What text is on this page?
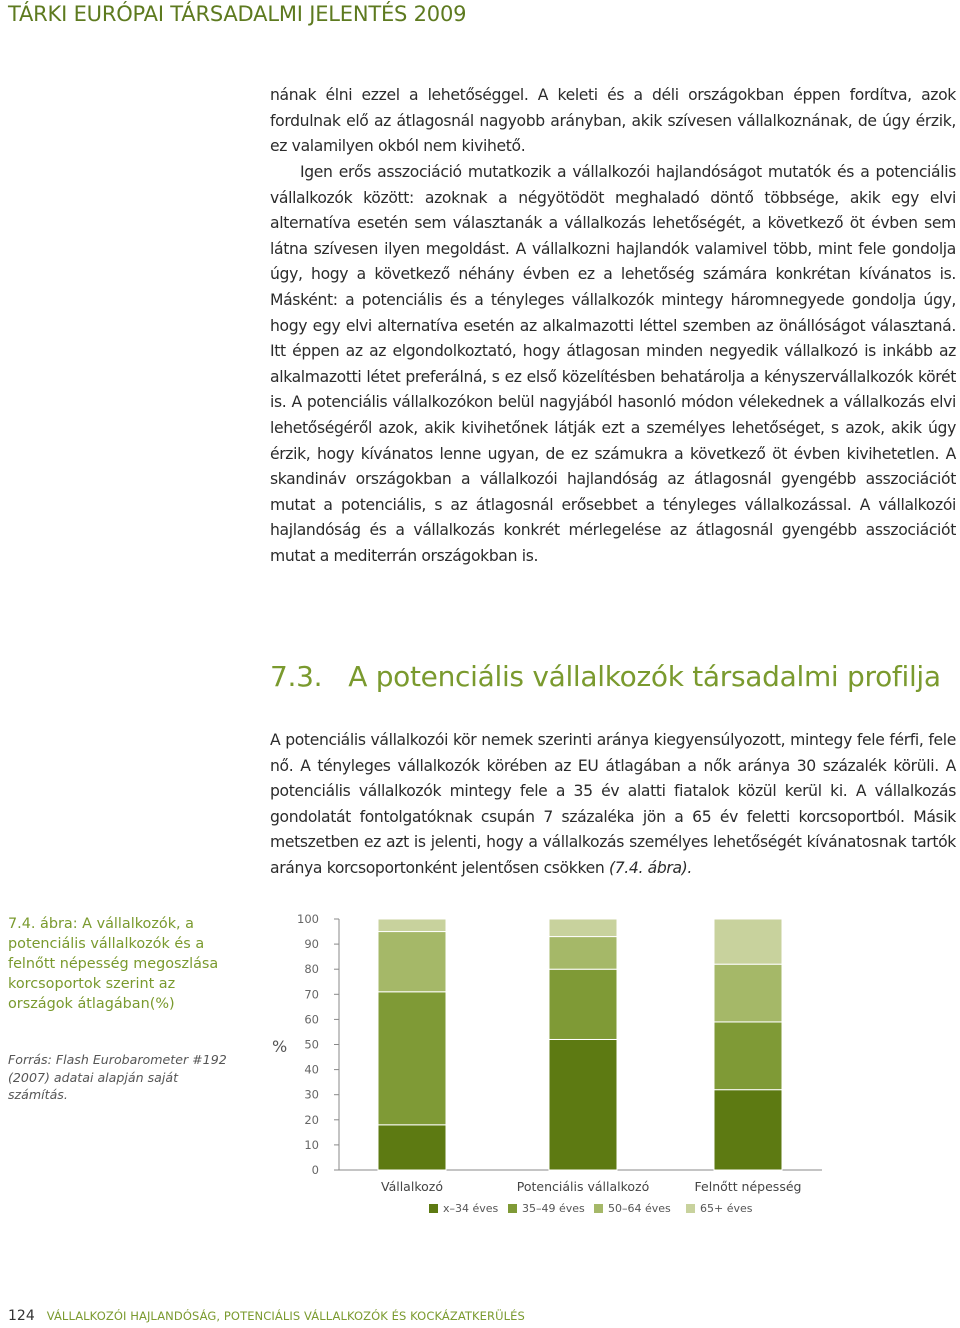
TÁRKI EURÓPAI TÁRSADALMI JELENTÉS 2009
nának élni ezzel a lehetőséggel. A keleti és a déli országokban éppen fordítva, azok fordulnak elő az átlagosnál nagyobb arányban, akik szívesen vállalkoznának, de úgy érzik, ez valamilyen okból nem kivihető.
Igen erős asszociáció mutatkozik a vállalkozói hajlandóságot mutatók és a potenciális vállalkozók között: azoknak a négyötödöt meghaladó döntő többsége, akik egy elvi alternatíva esetén sem választanák a vállalkozás lehetőségét, a következő öt évben sem látna szívesen ilyen megoldást. A vállalkozni hajlandók valamivel több, mint fele gondolja úgy, hogy a következő néhány évben ez a lehetőség számára konkrétan kívánatos is. Másként: a potenciális és a tényleges vállalkozók mintegy háromnegyede gondolja úgy, hogy egy elvi alternatíva esetén az alkalmazotti léttel szemben az önállóságot választaná. Itt éppen az az elgondolkoztató, hogy átlagosan minden negyedik vállalkozó is inkább az alkalmazotti létet preferálná, s ez első közelítésben behatárolja a kényszervállalkozók körét is. A potenciális vállalkozókon belül nagyjából hasonló módon vélekednek a vállalkozás elvi lehetőségéről azok, akik kivihetőnek látják ezt a személyes lehetőséget, s azok, akik úgy érzik, hogy kívánatos lenne ugyan, de ez számukra a következő öt évben kivihetetlen. A skandináv országokban a vállalkozói hajlandóság az átlagosnál gyengébb asszociációt mutat a potenciális, s az átlagosnál erősebbet a tényleges vállalkozással. A vállalkozói hajlandóság és a vállalkozás konkrét mérlegelése az átlagosnál gyengébb asszociációt mutat a mediterrán országokban is.
7.3. A potenciális vállalkozók társadalmi profilja
A potenciális vállalkozói kör nemek szerinti aránya kiegyensúlyozott, mintegy fele férfi, fele nő. A tényleges vállalkozók körében az EU átlagában a nők aránya 30 százalék körüli. A potenciális vállalkozók mintegy fele a 35 év alatti fiatalok közül kerül ki. A vállalkozás gondolatát fontolgatóknak csupán 7 százaléka jön a 65 év feletti korcsoportból. Másik metszetben ez azt is jelenti, hogy a vállalkozás személyes lehetőségét kívánatosnak tartók aránya korcsoportonként jelentősen csökken (7.4. ábra).
7.4. ábra: A vállalkozók, a potenciális vállalkozók és a felnőtt népesség megoszlása korcsoportok szerint az országok átlagában(%)
Forrás: Flash Eurobarometer #192 (2007) adatai alapján saját számítás.
100
90
80
70
60
50
40
30
20
10
0
%
Vállalkozó	Potenciális vállalkozó	Felnőtt népesség
x–34 éves 35–49 éves 50–64 éves	65+ éves
124 VÁLLALKOZÓI HAJLANDÓSÁG, POTENCIÁLIS VÁLLALKOZÓK ÉS KOCKÁZATKERÜLÉS
